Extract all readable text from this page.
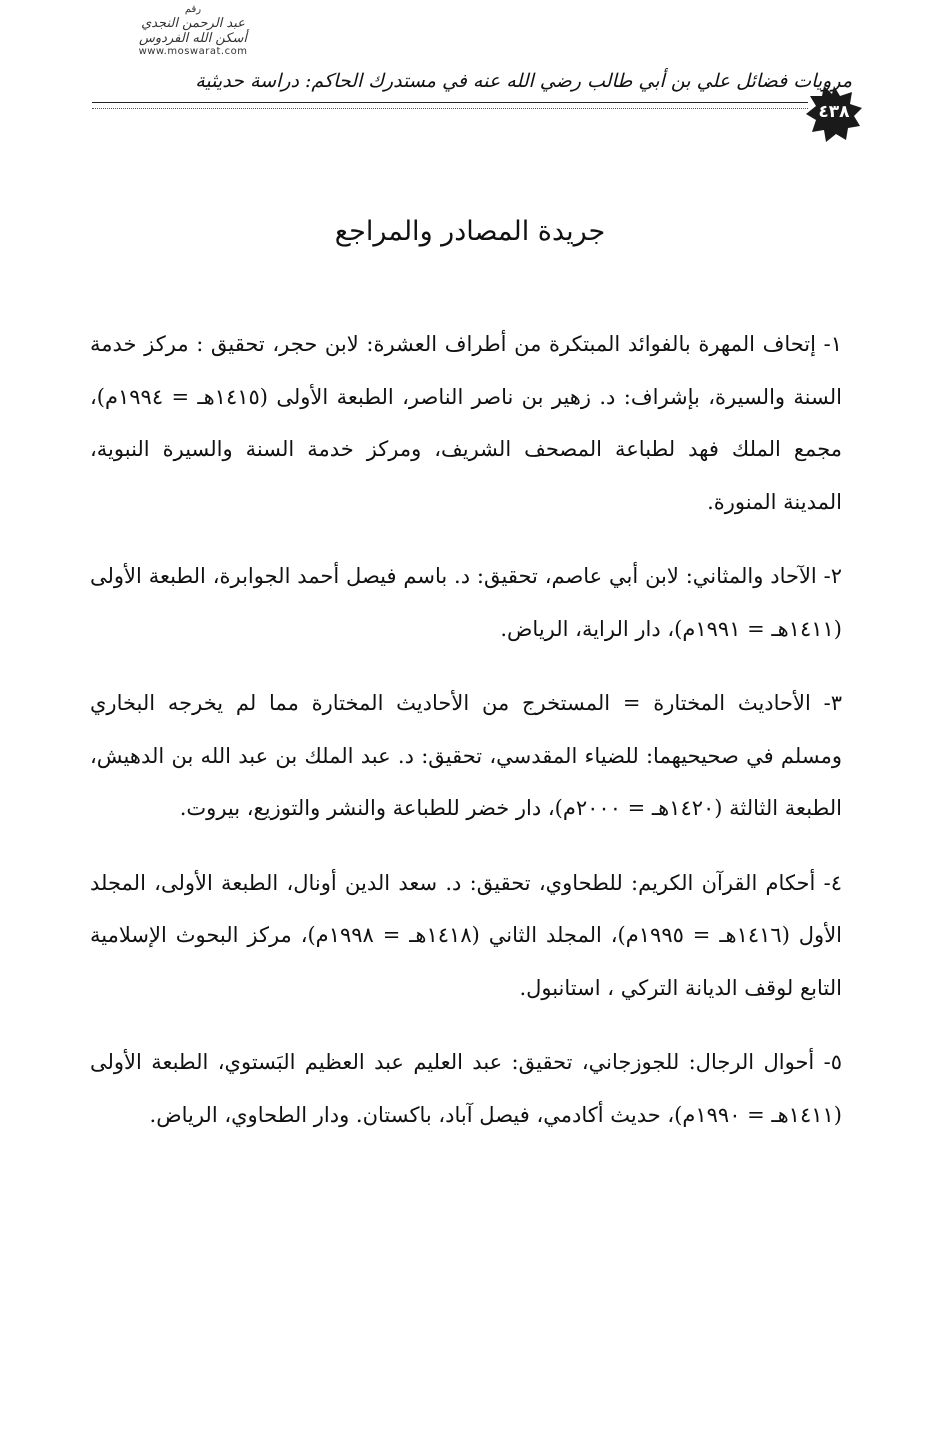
رقم
عبد الرحمن النجدي
أسكن الله الفردوس
www.moswarat.com
مرويات فضائل علي بن أبي طالب رضي الله عنه في مستدرك الحاكم: دراسة حديثية
٤٣٨
جريدة المصادر والمراجع

١- إتحاف المهرة بالفوائد المبتكرة من أطراف العشرة: لابن حجر، تحقيق : مركز خدمة السنة والسيرة، بإشراف: د. زهير بن ناصر الناصر، الطبعة الأولى (١٤١٥هـ = ١٩٩٤م)، مجمع الملك فهد لطباعة المصحف الشريف، ومركز خدمة السنة والسيرة النبوية، المدينة المنورة.

٢- الآحاد والمثاني: لابن أبي عاصم، تحقيق: د. باسم فيصل أحمد الجوابرة، الطبعة الأولى (١٤١١هـ = ١٩٩١م)، دار الراية، الرياض.

٣- الأحاديث المختارة = المستخرج من الأحاديث المختارة مما لم يخرجه البخاري ومسلم في صحيحيهما: للضياء المقدسي، تحقيق: د. عبد الملك بن عبد الله بن الدهيش، الطبعة الثالثة (١٤٢٠هـ = ٢٠٠٠م)، دار خضر للطباعة والنشر والتوزيع، بيروت.

٤- أحكام القرآن الكريم: للطحاوي، تحقيق: د. سعد الدين أونال، الطبعة الأولى، المجلد الأول (١٤١٦هـ = ١٩٩٥م)، المجلد الثاني (١٤١٨هـ = ١٩٩٨م)، مركز البحوث الإسلامية التابع لوقف الديانة التركي ، استانبول.

٥- أحوال الرجال: للجوزجاني، تحقيق: عبد العليم عبد العظيم البَستوي، الطبعة الأولى (١٤١١هـ = ١٩٩٠م)، حديث أكادمي، فيصل آباد، باكستان. ودار الطحاوي، الرياض.
